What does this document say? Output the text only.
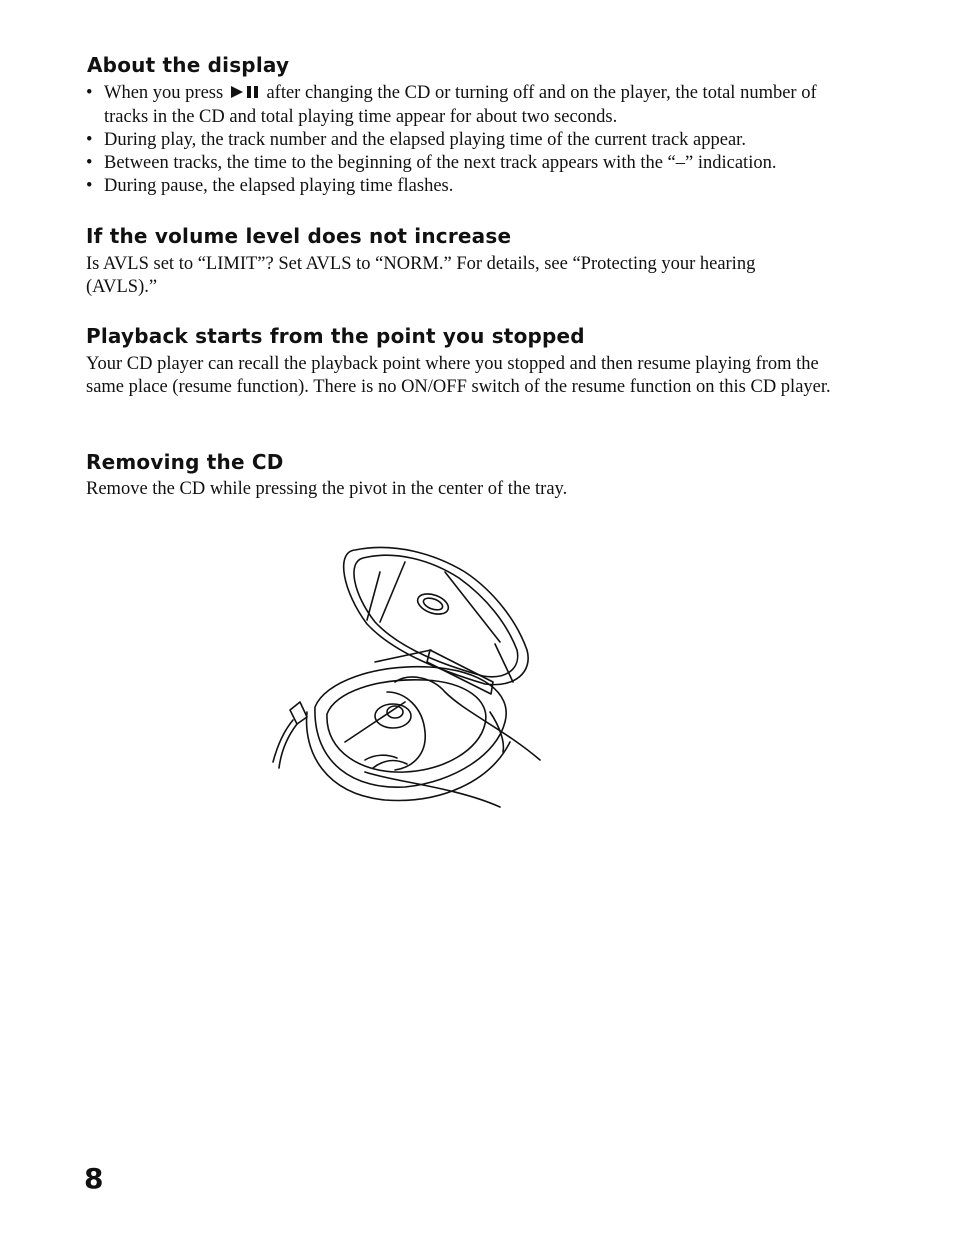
About the display
• When you press after changing the CD or turning off and on the player, the total number of tracks in the CD and total playing time appear for about two seconds.
• During play, the track number and the elapsed playing time of the current track appear.
• Between tracks, the time to the beginning of the next track appears with the “–” indication.
• During pause, the elapsed playing time flashes.
If the volume level does not increase

Is AVLS set to “LIMIT”? Set AVLS to “NORM.” For details, see “Protecting your hearing (AVLS).”

Playback starts from the point you stopped

Your CD player can recall the playback point where you stopped and then resume playing from the same place (resume function). There is no ON/OFF switch of the resume function on this CD player.

Removing the CD

Remove the CD while pressing the pivot in the center of the tray.

8
